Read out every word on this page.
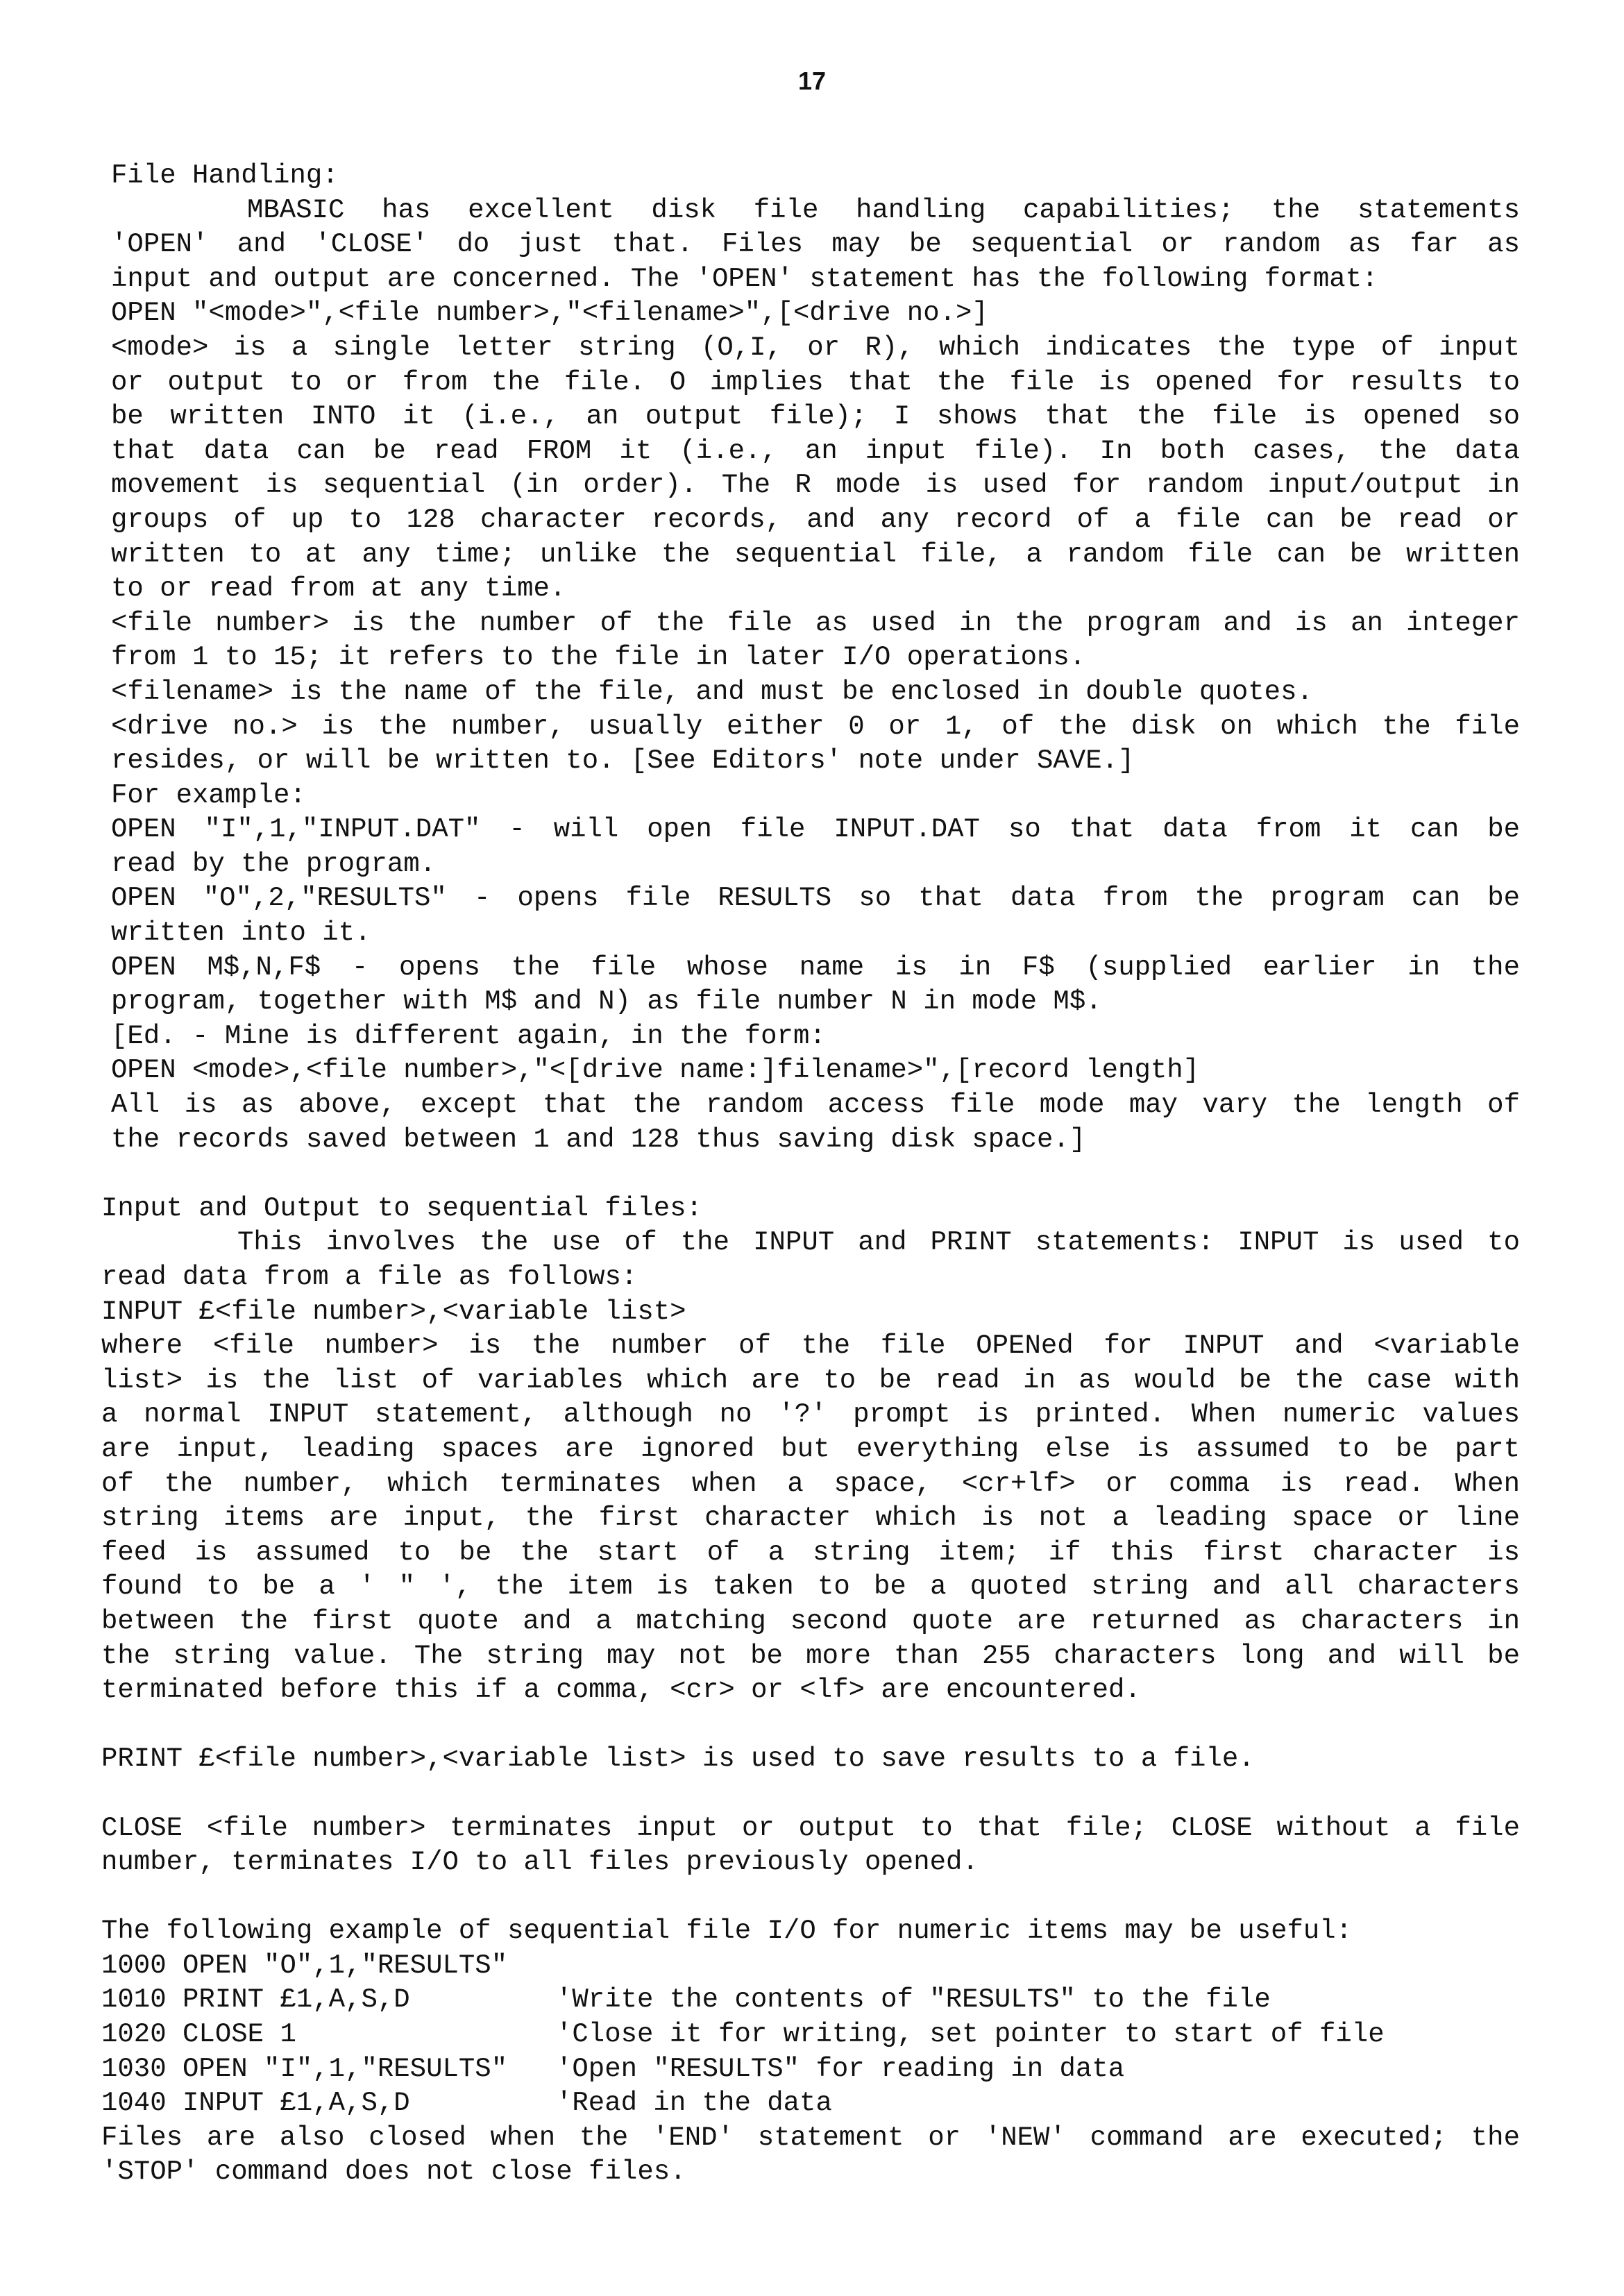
17
File Handling:
MBASIC has excellent disk file handling capabilities; the statements
'OPEN' and 'CLOSE' do just that. Files may be sequential or random as far as
input and output are concerned. The 'OPEN' statement has the following format:
OPEN "<mode>",<file number>,"<filename>",[<drive no.>]
<mode> is a single letter string (O,I, or R), which indicates the type of input
or output to or from the file. O implies that the file is opened for results to
be written INTO it (i.e., an output file); I shows that the file is opened so
that data can be read FROM it (i.e., an input file). In both cases, the data
movement is sequential (in order). The R mode is used for random input/output in
groups of up to 128 character records, and any record of a file can be read or
written to at any time; unlike the sequential file, a random file can be written
to or read from at any time.
<file number> is the number of the file as used in the program and is an integer
from 1 to 15; it refers to the file in later I/O operations.
<filename> is the name of the file, and must be enclosed in double quotes.
<drive no.> is the number, usually either 0 or 1, of the disk on which the file
resides, or will be written to. [See Editors' note under SAVE.]
For example:
OPEN "I",1,"INPUT.DAT" - will open file INPUT.DAT so that data from it can be
read by the program.
OPEN "O",2,"RESULTS" - opens file RESULTS so that data from the program can be
written into it.
OPEN M$,N,F$ - opens the file whose name is in F$ (supplied earlier in the
program, together with M$ and N) as file number N in mode M$.
[Ed. - Mine is different again, in the form:
OPEN <mode>,<file number>,"<[drive name:]filename>",[record length]
All is as above, except that the random access file mode may vary the length of
the records saved between 1 and 128 thus saving disk space.]
Input and Output to sequential files:
This involves the use of the INPUT and PRINT statements: INPUT is used to
read data from a file as follows:
INPUT £<file number>,<variable list>
where <file number> is the number of the file OPENed for INPUT and <variable
list> is the list of variables which are to be read in as would be the case with
a normal INPUT statement, although no '?' prompt is printed. When numeric values
are input, leading spaces are ignored but everything else is assumed to be part
of the number, which terminates when a space, <cr+lf> or comma is read. When
string items are input, the first character which is not a leading space or line
feed is assumed to be the start of a string item; if this first character is
found to be a ' " ', the item is taken to be a quoted string and all characters
between the first quote and a matching second quote are returned as characters in
the string value. The string may not be more than 255 characters long and will be
terminated before this if a comma, <cr> or <lf> are encountered.
PRINT £<file number>,<variable list> is used to save results to a file.
CLOSE <file number> terminates input or output to that file; CLOSE without a file
number, terminates I/O to all files previously opened.
The following example of sequential file I/O for numeric items may be useful:
1000 OPEN "O",1,"RESULTS"
1010 PRINT £1,A,S,D	'Write the contents of "RESULTS" to the file
1020 CLOSE 1	'Close it for writing, set pointer to start of file
1030 OPEN "I",1,"RESULTS"	'Open "RESULTS" for reading in data
1040 INPUT £1,A,S,D	'Read in the data
Files are also closed when the 'END' statement or 'NEW' command are executed; the
'STOP' command does not close files.
